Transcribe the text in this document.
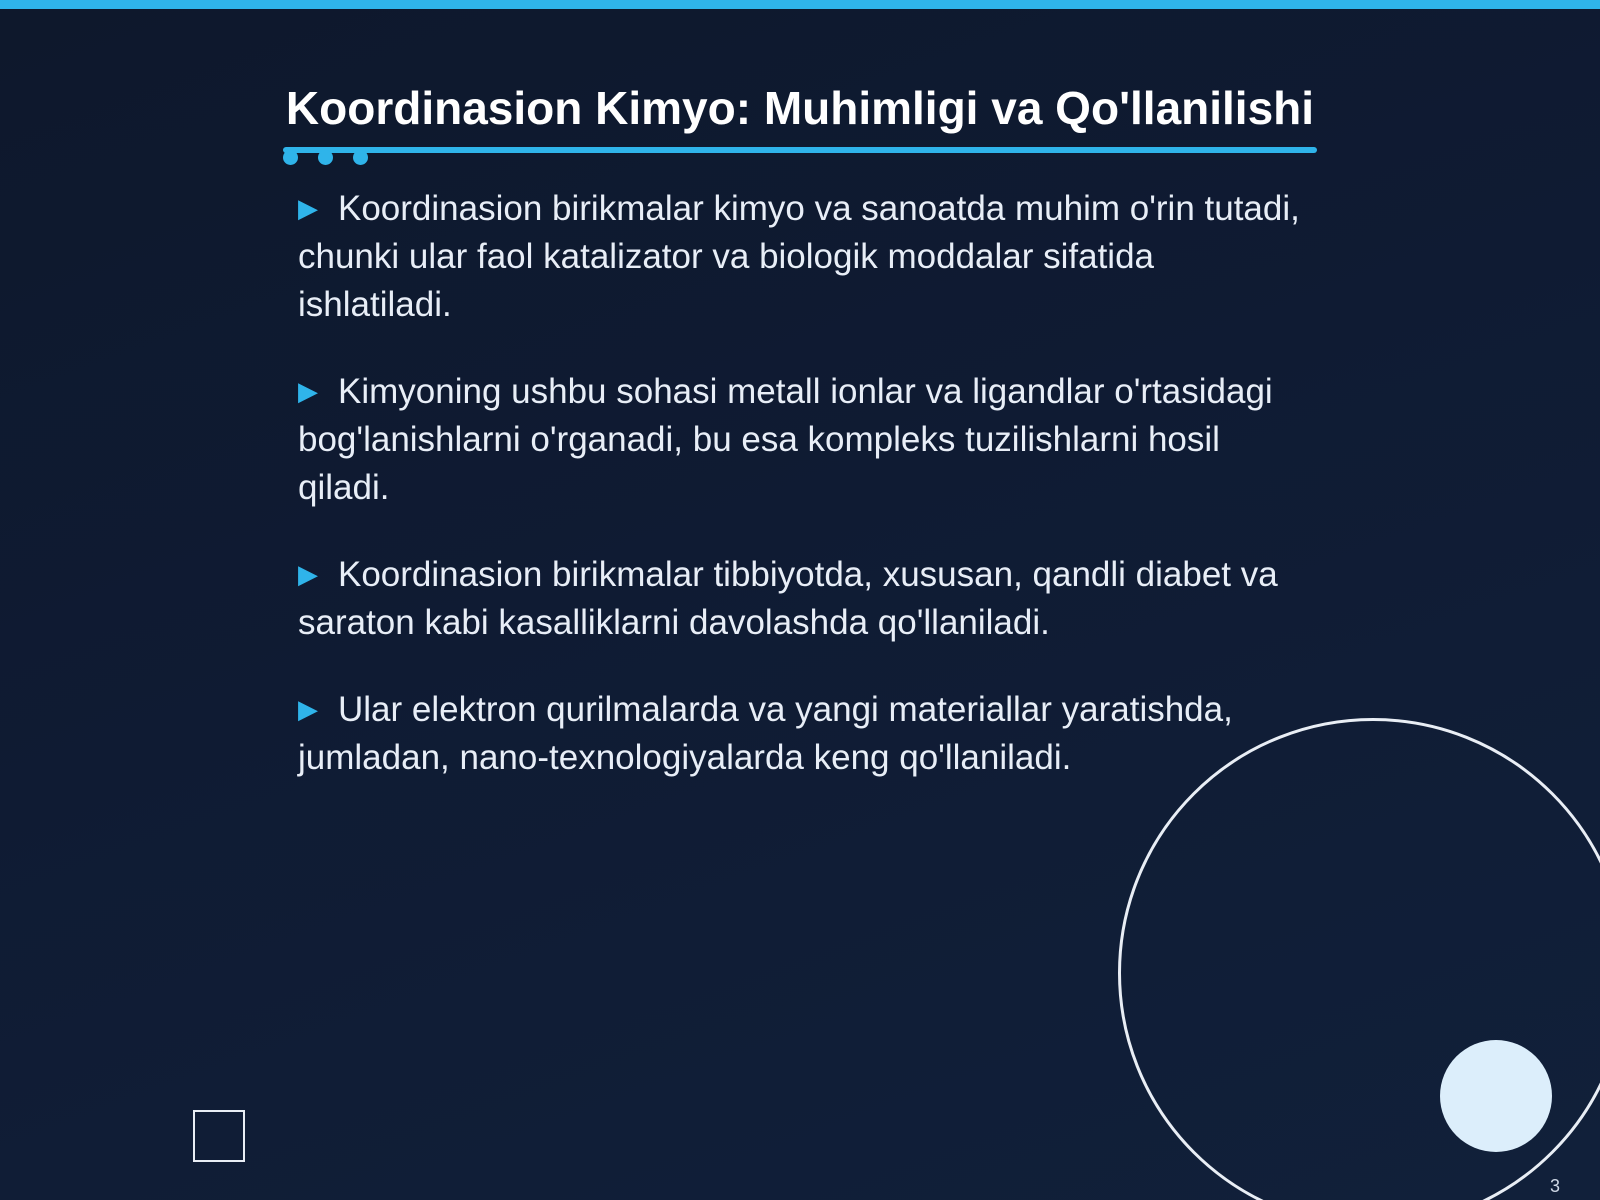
Koordinasion Kimyo: Muhimligi va Qo'llanilishi
▶ Koordinasion birikmalar kimyo va sanoatda muhim o'rin tutadi, chunki ular faol katalizator va biologik moddalar sifatida ishlatiladi.
▶ Kimyoning ushbu sohasi metall ionlar va ligandlar o'rtasidagi bog'lanishlarni o'rganadi, bu esa kompleks tuzilishlarni hosil qiladi.
▶ Koordinasion birikmalar tibbiyotda, xususan, qandli diabet va saraton kabi kasalliklarni davolashda qo'llaniladi.
▶ Ular elektron qurilmalarda va yangi materiallar yaratishda, jumladan, nano-texnologiyalarda keng qo'llaniladi.
3
